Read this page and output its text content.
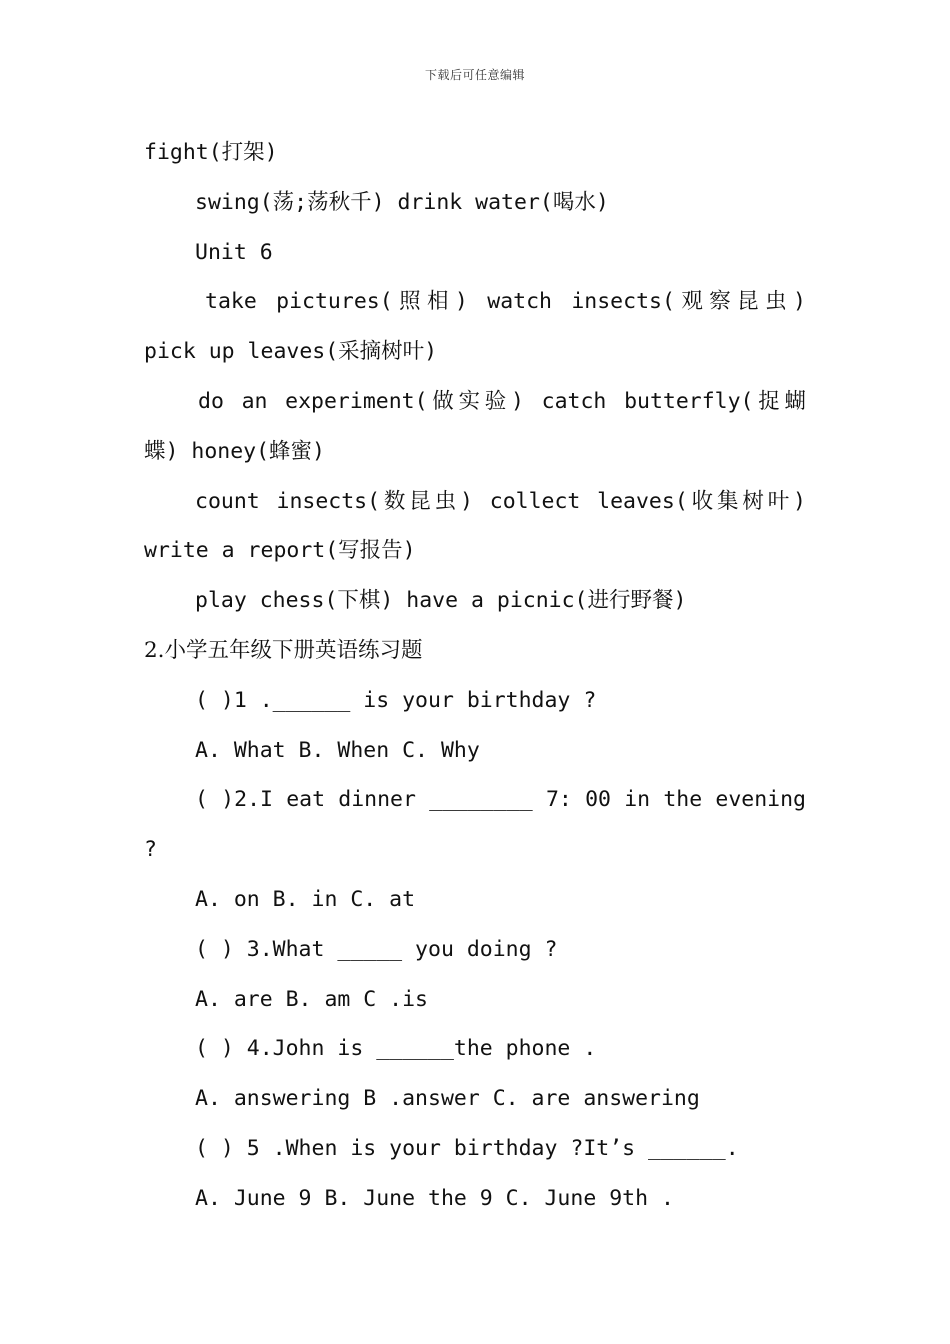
下载后可任意编辑
fight(打架)
swing(荡;荡秋千) drink water(喝水)
Unit 6
take pictures(照相) watch insects(观察昆虫)
pick up leaves(采摘树叶)
do an experiment(做实验) catch butterfly(捉蝴
蝶) honey(蜂蜜)
count insects(数昆虫) collect leaves(收集树叶)
write a report(写报告)
play chess(下棋) have a picnic(进行野餐)
2.小学五年级下册英语练习题
( )1 .______ is your birthday ?
A. What B. When C. Why
( )2.I eat dinner ________ 7: 00 in the evening
?
A. on B. in C. at
( ) 3.What _____ you doing ?
A. are B. am C .is
( ) 4.John is ______the phone .
A. answering B .answer C. are answering
( ) 5 .When is your birthday ?It’s ______.
A. June 9 B. June the 9 C. June 9th .
